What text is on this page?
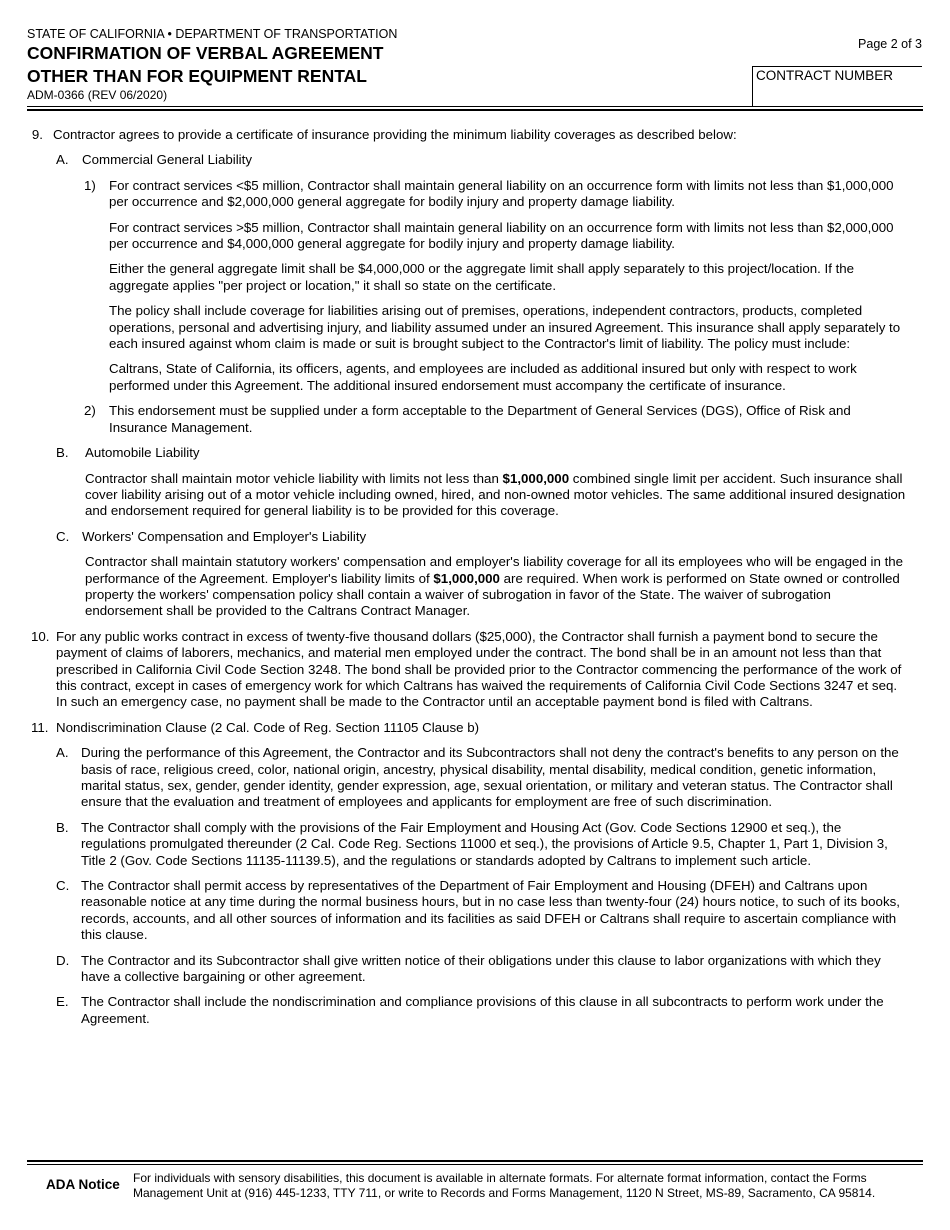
STATE OF CALIFORNIA • DEPARTMENT OF TRANSPORTATION
CONFIRMATION OF VERBAL AGREEMENT
OTHER THAN FOR EQUIPMENT RENTAL
ADM-0366 (REV 06/2020)
Page 2 of 3
CONTRACT NUMBER
9. Contractor agrees to provide a certificate of insurance providing the minimum liability coverages as described below:
A. Commercial General Liability
1) For contract services <$5 million, Contractor shall maintain general liability on an occurrence form with limits not less than $1,000,000 per occurrence and $2,000,000 general aggregate for bodily injury and property damage liability.
For contract services >$5 million, Contractor shall maintain general liability on an occurrence form with limits not less than $2,000,000 per occurrence and $4,000,000 general aggregate for bodily injury and property damage liability.
Either the general aggregate limit shall be $4,000,000 or the aggregate limit shall apply separately to this project/location. If the aggregate applies "per project or location," it shall so state on the certificate.
The policy shall include coverage for liabilities arising out of premises, operations, independent contractors, products, completed operations, personal and advertising injury, and liability assumed under an insured Agreement. This insurance shall apply separately to each insured against whom claim is made or suit is brought subject to the Contractor's limit of liability. The policy must include:
Caltrans, State of California, its officers, agents, and employees are included as additional insured but only with respect to work performed under this Agreement. The additional insured endorsement must accompany the certificate of insurance.
2) This endorsement must be supplied under a form acceptable to the Department of General Services (DGS), Office of Risk and Insurance Management.
B. Automobile Liability
Contractor shall maintain motor vehicle liability with limits not less than $1,000,000 combined single limit per accident. Such insurance shall cover liability arising out of a motor vehicle including owned, hired, and non-owned motor vehicles. The same additional insured designation and endorsement required for general liability is to be provided for this coverage.
C. Workers' Compensation and Employer's Liability
Contractor shall maintain statutory workers' compensation and employer's liability coverage for all its employees who will be engaged in the performance of the Agreement. Employer's liability limits of $1,000,000 are required. When work is performed on State owned or controlled property the workers' compensation policy shall contain a waiver of subrogation in favor of the State. The waiver of subrogation endorsement shall be provided to the Caltrans Contract Manager.
10. For any public works contract in excess of twenty-five thousand dollars ($25,000), the Contractor shall furnish a payment bond to secure the payment of claims of laborers, mechanics, and material men employed under the contract. The bond shall be in an amount not less than that prescribed in California Civil Code Section 3248. The bond shall be provided prior to the Contractor commencing the performance of the work of this contract, except in cases of emergency work for which Caltrans has waived the requirements of California Civil Code Sections 3247 et seq. In such an emergency case, no payment shall be made to the Contractor until an acceptable payment bond is filed with Caltrans.
11. Nondiscrimination Clause (2 Cal. Code of Reg. Section 11105 Clause b)
A. During the performance of this Agreement, the Contractor and its Subcontractors shall not deny the contract's benefits to any person on the basis of race, religious creed, color, national origin, ancestry, physical disability, mental disability, medical condition, genetic information, marital status, sex, gender, gender identity, gender expression, age, sexual orientation, or military and veteran status. The Contractor shall ensure that the evaluation and treatment of employees and applicants for employment are free of such discrimination.
B. The Contractor shall comply with the provisions of the Fair Employment and Housing Act (Gov. Code Sections 12900 et seq.), the regulations promulgated thereunder (2 Cal. Code Reg. Sections 11000 et seq.), the provisions of Article 9.5, Chapter 1, Part 1, Division 3, Title 2 (Gov. Code Sections 11135-11139.5), and the regulations or standards adopted by Caltrans to implement such article.
C. The Contractor shall permit access by representatives of the Department of Fair Employment and Housing (DFEH) and Caltrans upon reasonable notice at any time during the normal business hours, but in no case less than twenty-four (24) hours notice, to such of its books, records, accounts, and all other sources of information and its facilities as said DFEH or Caltrans shall require to ascertain compliance with this clause.
D. The Contractor and its Subcontractor shall give written notice of their obligations under this clause to labor organizations with which they have a collective bargaining or other agreement.
E. The Contractor shall include the nondiscrimination and compliance provisions of this clause in all subcontracts to perform work under the Agreement.
ADA Notice For individuals with sensory disabilities, this document is available in alternate formats. For alternate format information, contact the Forms Management Unit at (916) 445-1233, TTY 711, or write to Records and Forms Management, 1120 N Street, MS-89, Sacramento, CA 95814.
